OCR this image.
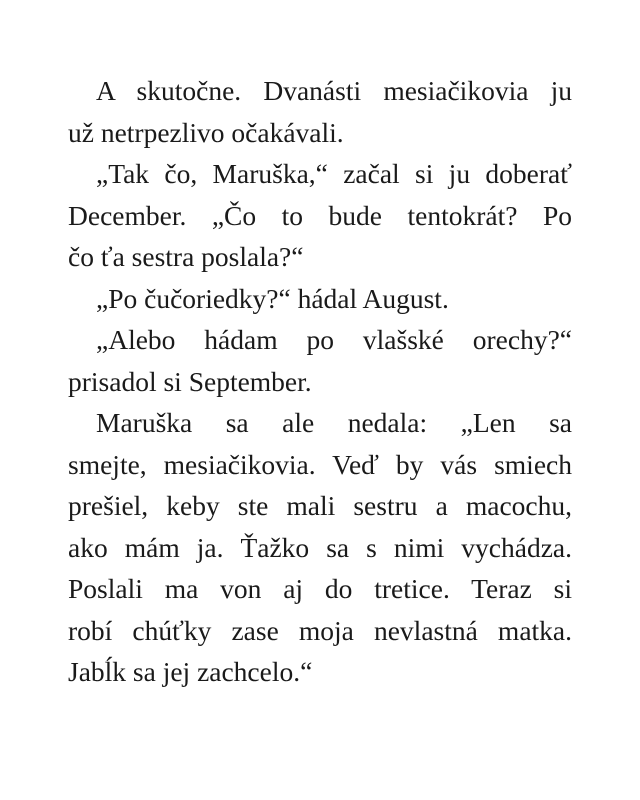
A skutočne. Dvanásti mesiačikovia ju
už netrpezlivo očakávali.
„Tak čo, Maruška,“ začal si ju doberať
December. „Čo to bude tentokrát? Po
čo ťa sestra poslala?“
„Po čučoriedky?“ hádal August.
„Alebo hádam po vlašské orechy?“
prisadol si September.
Maruška sa ale nedala: „Len sa
smejte, mesiačikovia. Veď by vás smiech
prešiel, keby ste mali sestru a macochu,
ako mám ja. Ťažko sa s nimi vychádza.
Poslali ma von aj do tretice. Teraz si
robí chúťky zase moja nevlastná matka.
Jabĺk sa jej zachcelo.“
